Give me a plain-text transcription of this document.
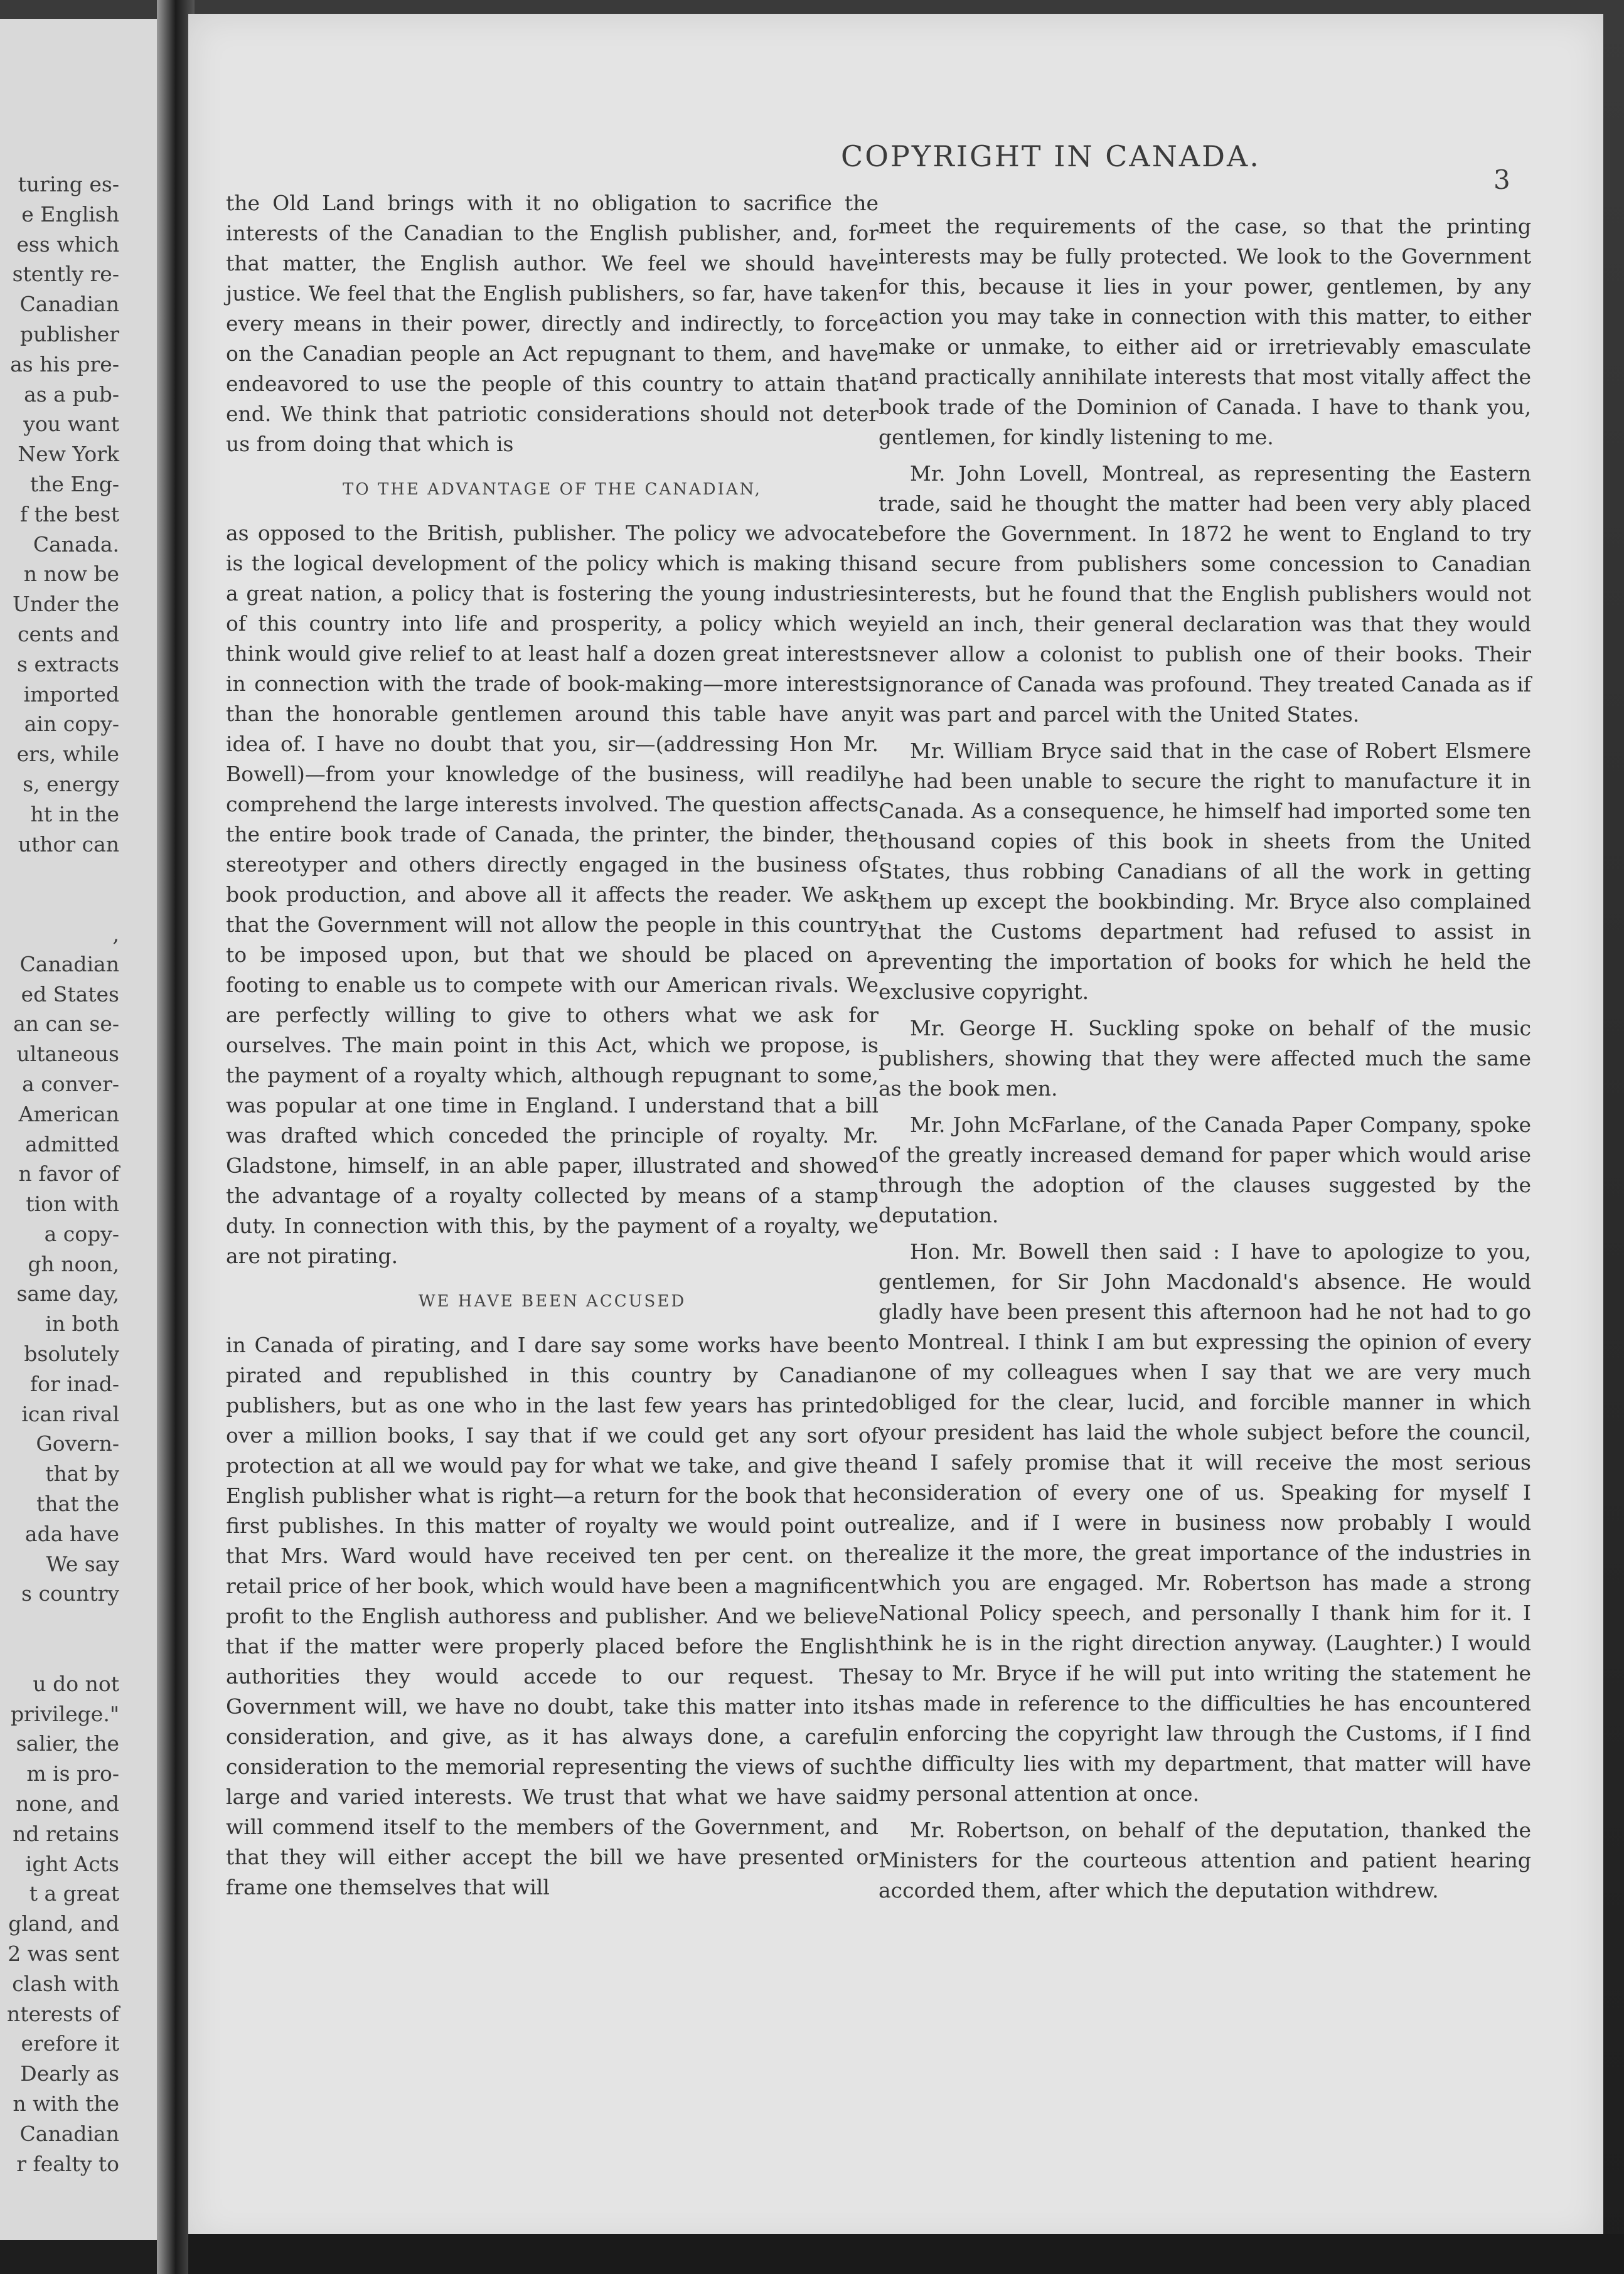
turing es-
e English
ess which
stently re-
Canadian
publisher
as his pre-
as a pub-
you want
New York
the Eng-
f the best
Canada.
n now be
Under the
cents and
s extracts
imported
ain copy-
ers, while
s, energy
ht in the
uthor can
,
Canadian
ed States
an can se-
ultaneous
a conver-
American
admitted
n favor of
tion with
a copy-
gh noon,
same day,
in both
bsolutely
for inad-
ican rival
Govern-
that by
that the
ada have
We say
s country
u do not
privilege."
salier, the
m is pro-
none, and
nd retains
ight Acts
t a great
gland, and
2 was sent
clash with
nterests of
erefore it
Dearly as
n with the
Canadian
r fealty to
COPYRIGHT IN CANADA.
3

the Old Land brings with it no obligation to sacrifice the interests of the Canadian to the English publisher, and, for that matter, the English author. We feel we should have justice. We feel that the English publishers, so far, have taken every means in their power, directly and indirectly, to force on the Canadian people an Act repugnant to them, and have endeavored to use the people of this country to attain that end. We think that patriotic considerations should not deter us from doing that which is

TO THE ADVANTAGE OF THE CANADIAN,

as opposed to the British, publisher. The policy we advocate is the logical development of the policy which is making this a great nation, a policy that is fostering the young industries of this country into life and prosperity, a policy which we think would give relief to at least half a dozen great interests in connection with the trade of book-making—more interests than the honorable gentlemen around this table have any idea of. I have no doubt that you, sir—(addressing Hon Mr. Bowell)—from your knowledge of the business, will readily comprehend the large interests involved. The question affects the entire book trade of Canada, the printer, the binder, the stereotyper and others directly engaged in the business of book production, and above all it affects the reader. We ask that the Government will not allow the people in this country to be imposed upon, but that we should be placed on a footing to enable us to compete with our American rivals. We are perfectly willing to give to others what we ask for ourselves. The main point in this Act, which we propose, is the payment of a royalty which, although repugnant to some, was popular at one time in England. I understand that a bill was drafted which conceded the principle of royalty. Mr. Gladstone, himself, in an able paper, illustrated and showed the advantage of a royalty collected by means of a stamp duty. In connection with this, by the payment of a royalty, we are not pirating.

WE HAVE BEEN ACCUSED

in Canada of pirating, and I dare say some works have been pirated and republished in this country by Canadian publishers, but as one who in the last few years has printed over a million books, I say that if we could get any sort of protection at all we would pay for what we take, and give the English publisher what is right—a return for the book that he first publishes. In this matter of royalty we would point out that Mrs. Ward would have received ten per cent. on the retail price of her book, which would have been a magnificent profit to the English authoress and publisher. And we believe that if the matter were properly placed before the English authorities they would accede to our request. The Government will, we have no doubt, take this matter into its consideration, and give, as it has always done, a careful consideration to the memorial representing the views of such large and varied interests. We trust that what we have said will commend itself to the members of the Government, and that they will either accept the bill we have presented or frame one themselves that will

meet the requirements of the case, so that the printing interests may be fully protected. We look to the Government for this, because it lies in your power, gentlemen, by any action you may take in connection with this matter, to either make or unmake, to either aid or irretrievably emasculate and practically annihilate interests that most vitally affect the book trade of the Dominion of Canada. I have to thank you, gentlemen, for kindly listening to me.

Mr. John Lovell, Montreal, as representing the Eastern trade, said he thought the matter had been very ably placed before the Government. In 1872 he went to England to try and secure from publishers some concession to Canadian interests, but he found that the English publishers would not yield an inch, their general declaration was that they would never allow a colonist to publish one of their books. Their ignorance of Canada was profound. They treated Canada as if it was part and parcel with the United States.

Mr. William Bryce said that in the case of Robert Elsmere he had been unable to secure the right to manufacture it in Canada. As a consequence, he himself had imported some ten thousand copies of this book in sheets from the United States, thus robbing Canadians of all the work in getting them up except the bookbinding. Mr. Bryce also complained that the Customs department had refused to assist in preventing the importation of books for which he held the exclusive copyright.

Mr. George H. Suckling spoke on behalf of the music publishers, showing that they were affected much the same as the book men.

Mr. John McFarlane, of the Canada Paper Company, spoke of the greatly increased demand for paper which would arise through the adoption of the clauses suggested by the deputation.

Hon. Mr. Bowell then said : I have to apologize to you, gentlemen, for Sir John Macdonald's absence. He would gladly have been present this afternoon had he not had to go to Montreal. I think I am but expressing the opinion of every one of my colleagues when I say that we are very much obliged for the clear, lucid, and forcible manner in which your president has laid the whole subject before the council, and I safely promise that it will receive the most serious consideration of every one of us. Speaking for myself I realize, and if I were in business now probably I would realize it the more, the great importance of the industries in which you are engaged. Mr. Robertson has made a strong National Policy speech, and personally I thank him for it. I think he is in the right direction anyway. (Laughter.) I would say to Mr. Bryce if he will put into writing the statement he has made in reference to the difficulties he has encountered in enforcing the copyright law through the Customs, if I find the difficulty lies with my department, that matter will have my personal attention at once.

Mr. Robertson, on behalf of the deputation, thanked the Ministers for the courteous attention and patient hearing accorded them, after which the deputation withdrew.
